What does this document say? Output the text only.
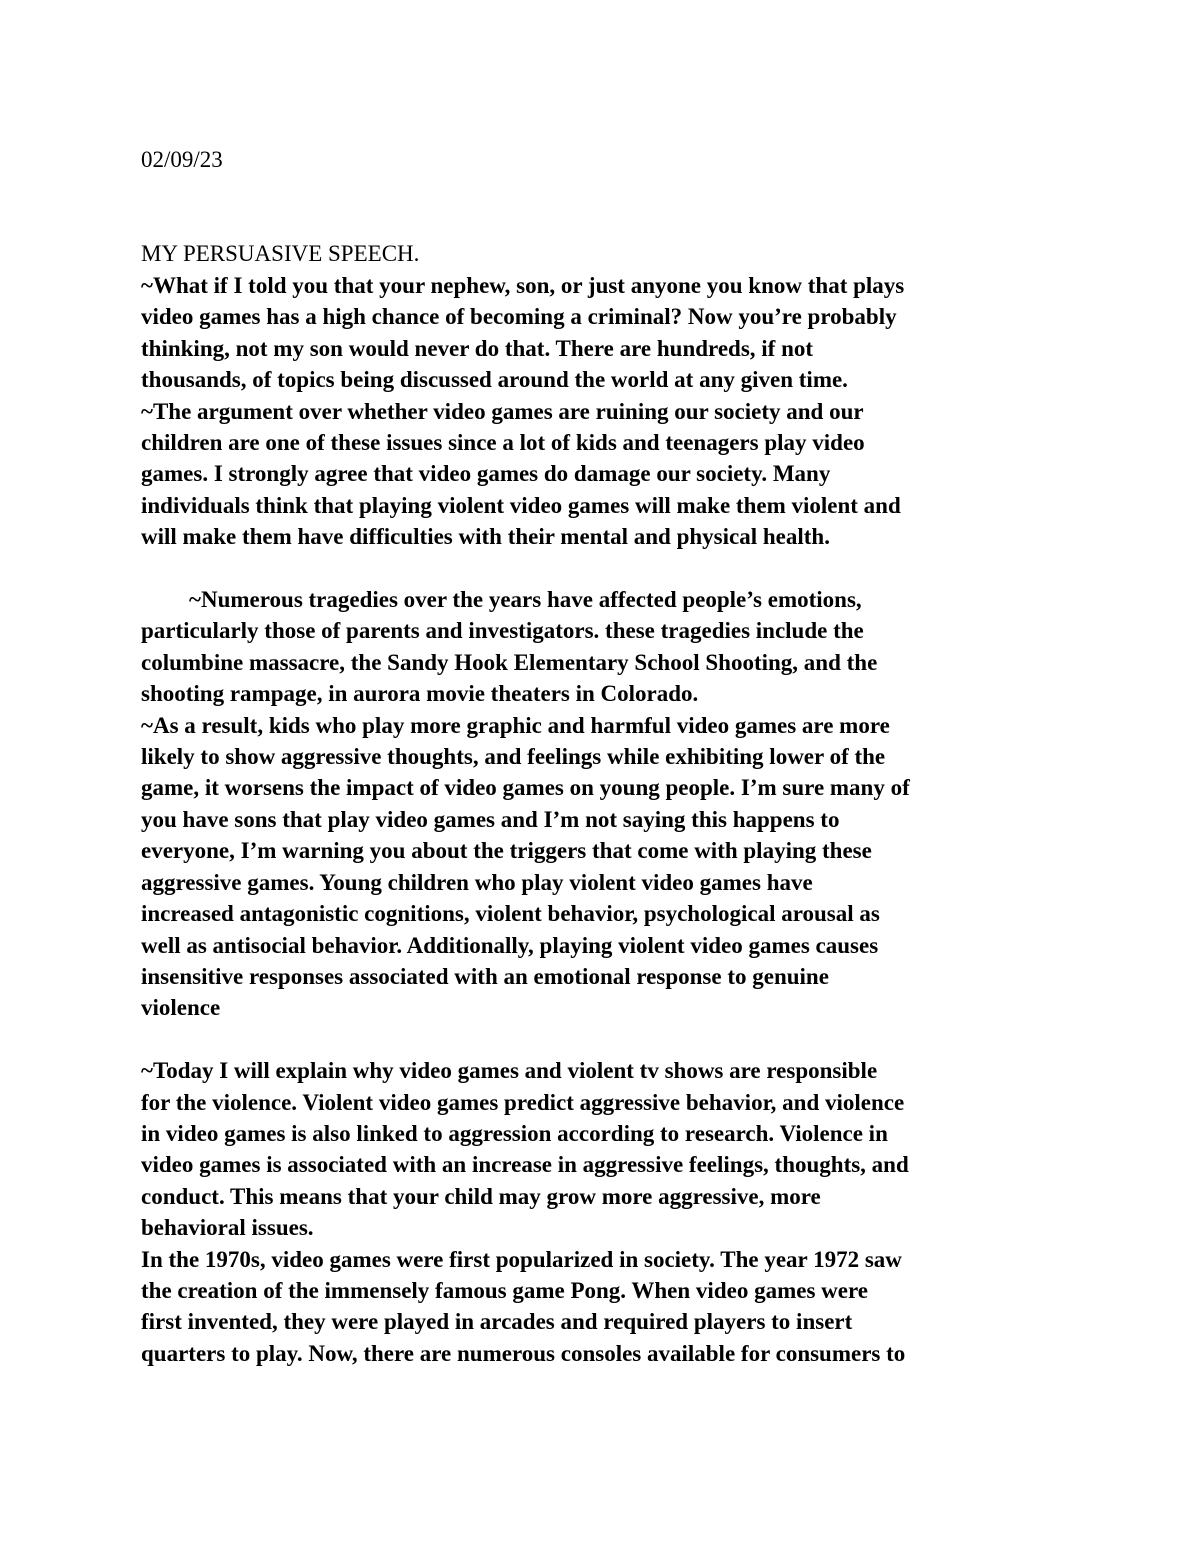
02/09/23

MY PERSUASIVE SPEECH.

~What if I told you that your nephew, son, or just anyone you know that plays
video games has a high chance of becoming a criminal? Now you’re probably
thinking, not my son would never do that. There are hundreds, if not
thousands, of topics being discussed around the world at any given time.
~The argument over whether video games are ruining our society and our
children are one of these issues since a lot of kids and teenagers play video
games. I strongly agree that video games do damage our society. Many
individuals think that playing violent video games will make them violent and
will make them have difficulties with their mental and physical health.
~Numerous tragedies over the years have affected people’s emotions,
particularly those of parents and investigators. these tragedies include the
columbine massacre, the Sandy Hook Elementary School Shooting, and the
shooting rampage, in aurora movie theaters in Colorado.
~As a result, kids who play more graphic and harmful video games are more
likely to show aggressive thoughts, and feelings while exhibiting lower of the
game, it worsens the impact of video games on young people. I’m sure many of
you have sons that play video games and I’m not saying this happens to
everyone, I’m warning you about the triggers that come with playing these
aggressive games. Young children who play violent video games have
increased antagonistic cognitions, violent behavior, psychological arousal as
well as antisocial behavior. Additionally, playing violent video games causes
insensitive responses associated with an emotional response to genuine
violence
~Today I will explain why video games and violent tv shows are responsible
for the violence. Violent video games predict aggressive behavior, and violence
in video games is also linked to aggression according to research. Violence in
video games is associated with an increase in aggressive feelings, thoughts, and
conduct. This means that your child may grow more aggressive, more
behavioral issues.
In the 1970s, video games were first popularized in society. The year 1972 saw
the creation of the immensely famous game Pong. When video games were
first invented, they were played in arcades and required players to insert
quarters to play. Now, there are numerous consoles available for consumers to
